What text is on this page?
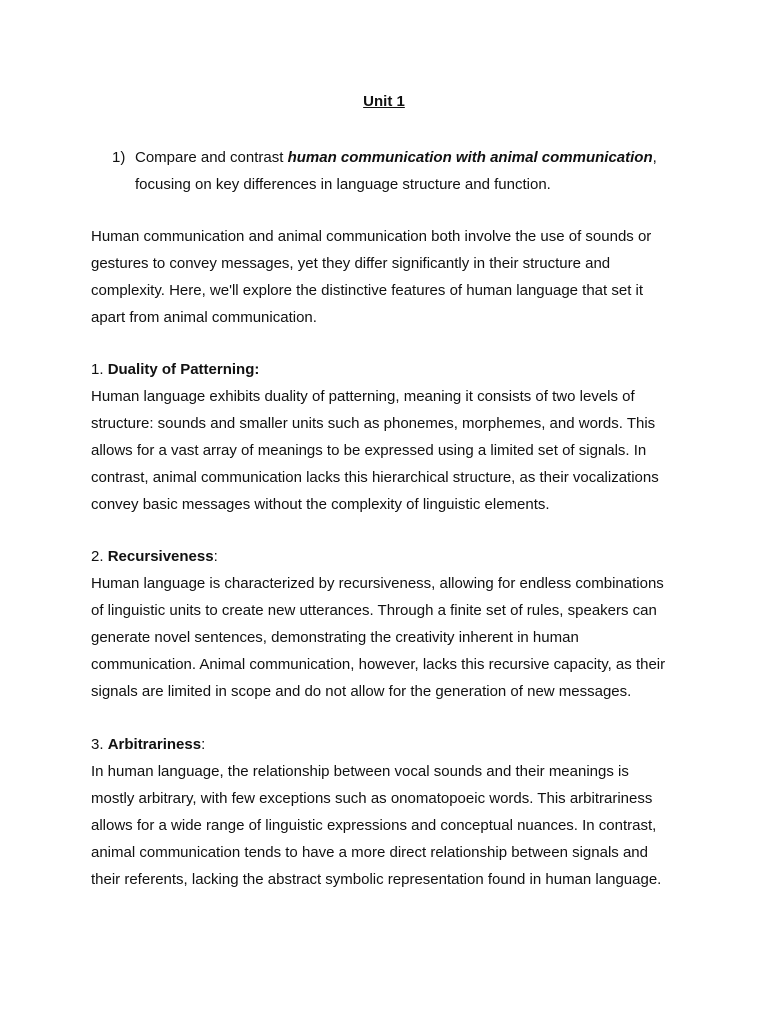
Unit 1
1) Compare and contrast human communication with animal communication,
focusing on key differences in language structure and function.

Human communication and animal communication both involve the use of sounds or gestures to convey messages, yet they differ significantly in their structure and complexity. Here, we'll explore the distinctive features of human language that set it apart from animal communication.

1. Duality of Patterning:

Human language exhibits duality of patterning, meaning it consists of two levels of structure: sounds and smaller units such as phonemes, morphemes, and words. This allows for a vast array of meanings to be expressed using a limited set of signals. In contrast, animal communication lacks this hierarchical structure, as their vocalizations convey basic messages without the complexity of linguistic elements.

2. Recursiveness:

Human language is characterized by recursiveness, allowing for endless combinations of linguistic units to create new utterances. Through a finite set of rules, speakers can generate novel sentences, demonstrating the creativity inherent in human communication. Animal communication, however, lacks this recursive capacity, as their signals are limited in scope and do not allow for the generation of new messages.

3. Arbitrariness:

In human language, the relationship between vocal sounds and their meanings is mostly arbitrary, with few exceptions such as onomatopoeic words. This arbitrariness allows for a wide range of linguistic expressions and conceptual nuances. In contrast, animal communication tends to have a more direct relationship between signals and their referents, lacking the abstract symbolic representation found in human language.
